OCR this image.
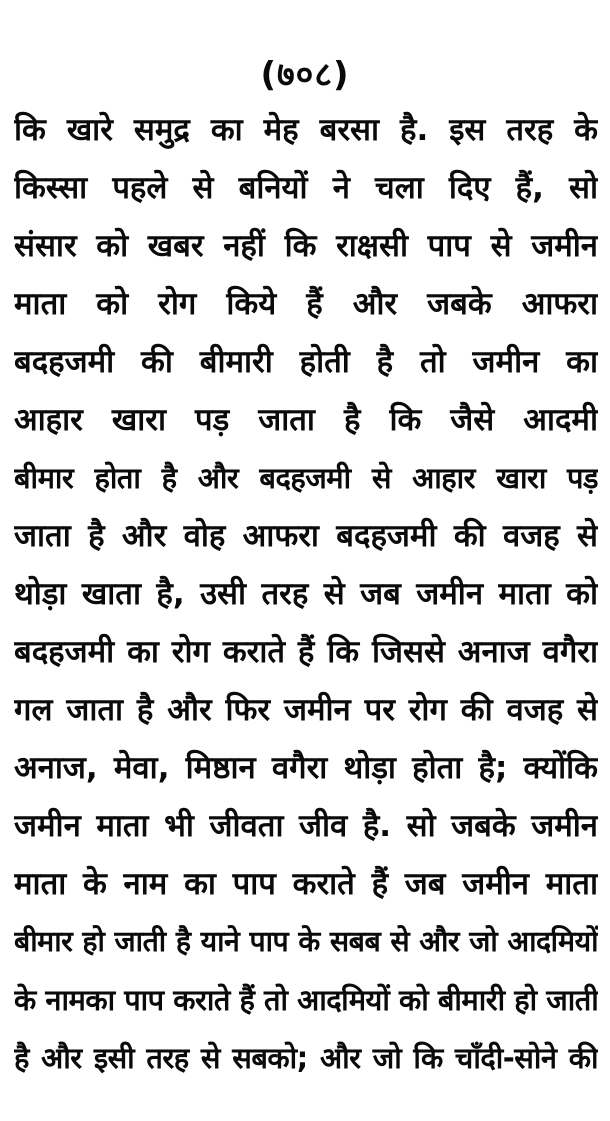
(७०८)
कि खारे समुद्र का मेह बरसा है. इस तरह के
किस्सा पहले से बनियों ने चला दिए हैं, सो
संसार को खबर नहीं कि राक्षसी पाप से जमीन
माता को रोग किये हैं और जबके आफरा
बदहजमी की बीमारी होती है तो जमीन का
आहार खारा पड़ जाता है कि जैसे आदमी
बीमार होता है और बदहजमी से आहार खारा पड़
जाता है और वोह आफरा बदहजमी की वजह से
थोड़ा खाता है, उसी तरह से जब जमीन माता को
बदहजमी का रोग कराते हैं कि जिससे अनाज वगैरा
गल जाता है और फिर जमीन पर रोग की वजह से
अनाज, मेवा, मिष्ठान वगैरा थोड़ा होता है; क्योंकि
जमीन माता भी जीवता जीव है. सो जबके जमीन
माता के नाम का पाप कराते हैं जब जमीन माता
बीमार हो जाती है याने पाप के सबब से और जो आदमियों
के नामका पाप कराते हैं तो आदमियों को बीमारी हो जाती
है और इसी तरह से सबको; और जो कि चाँदी-सोने की
